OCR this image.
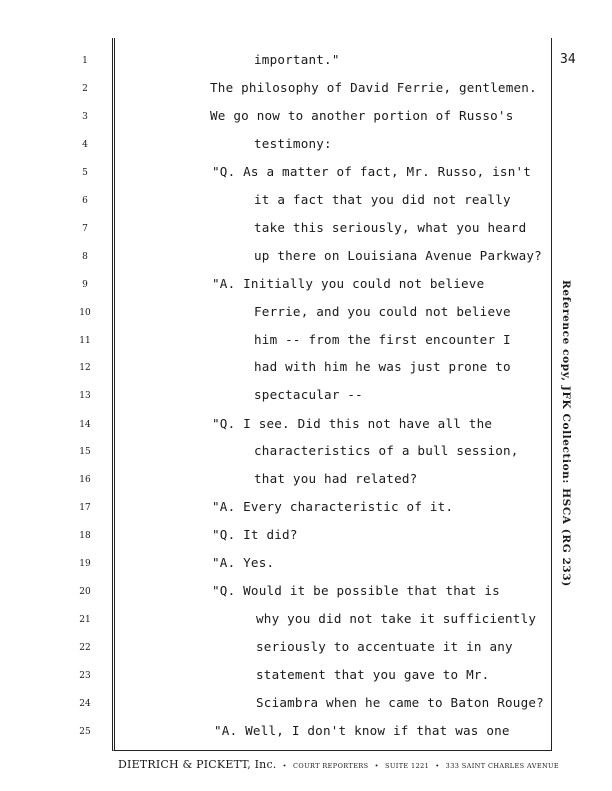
34
1
2
3
4
5
6
7
8
9
10
11
12
13
14
15
16
17
18
19
20
21
22
23
24
25
important."
The philosophy of David Ferrie, gentlemen.
We go now to another portion of Russo's
testimony:
"Q. As a matter of fact, Mr. Russo, isn't
it a fact that you did not really
take this seriously, what you heard
up there on Louisiana Avenue Parkway?
"A. Initially you could not believe
Ferrie, and you could not believe
him -- from the first encounter I
had with him he was just prone to
spectacular --
"Q. I see. Did this not have all the
characteristics of a bull session,
that you had related?
"A. Every characteristic of it.
"Q. It did?
"A. Yes.
"Q. Would it be possible that that is
why you did not take it sufficiently
seriously to accentuate it in any
statement that you gave to Mr.
Sciambra when he came to Baton Rouge?
"A. Well, I don't know if that was one
Reference copy, JFK Collection: HSCA (RG 233)
DIETRICH & PICKETT, Inc. • COURT REPORTERS • SUITE 1221 • 333 SAINT CHARLES AVENUE
